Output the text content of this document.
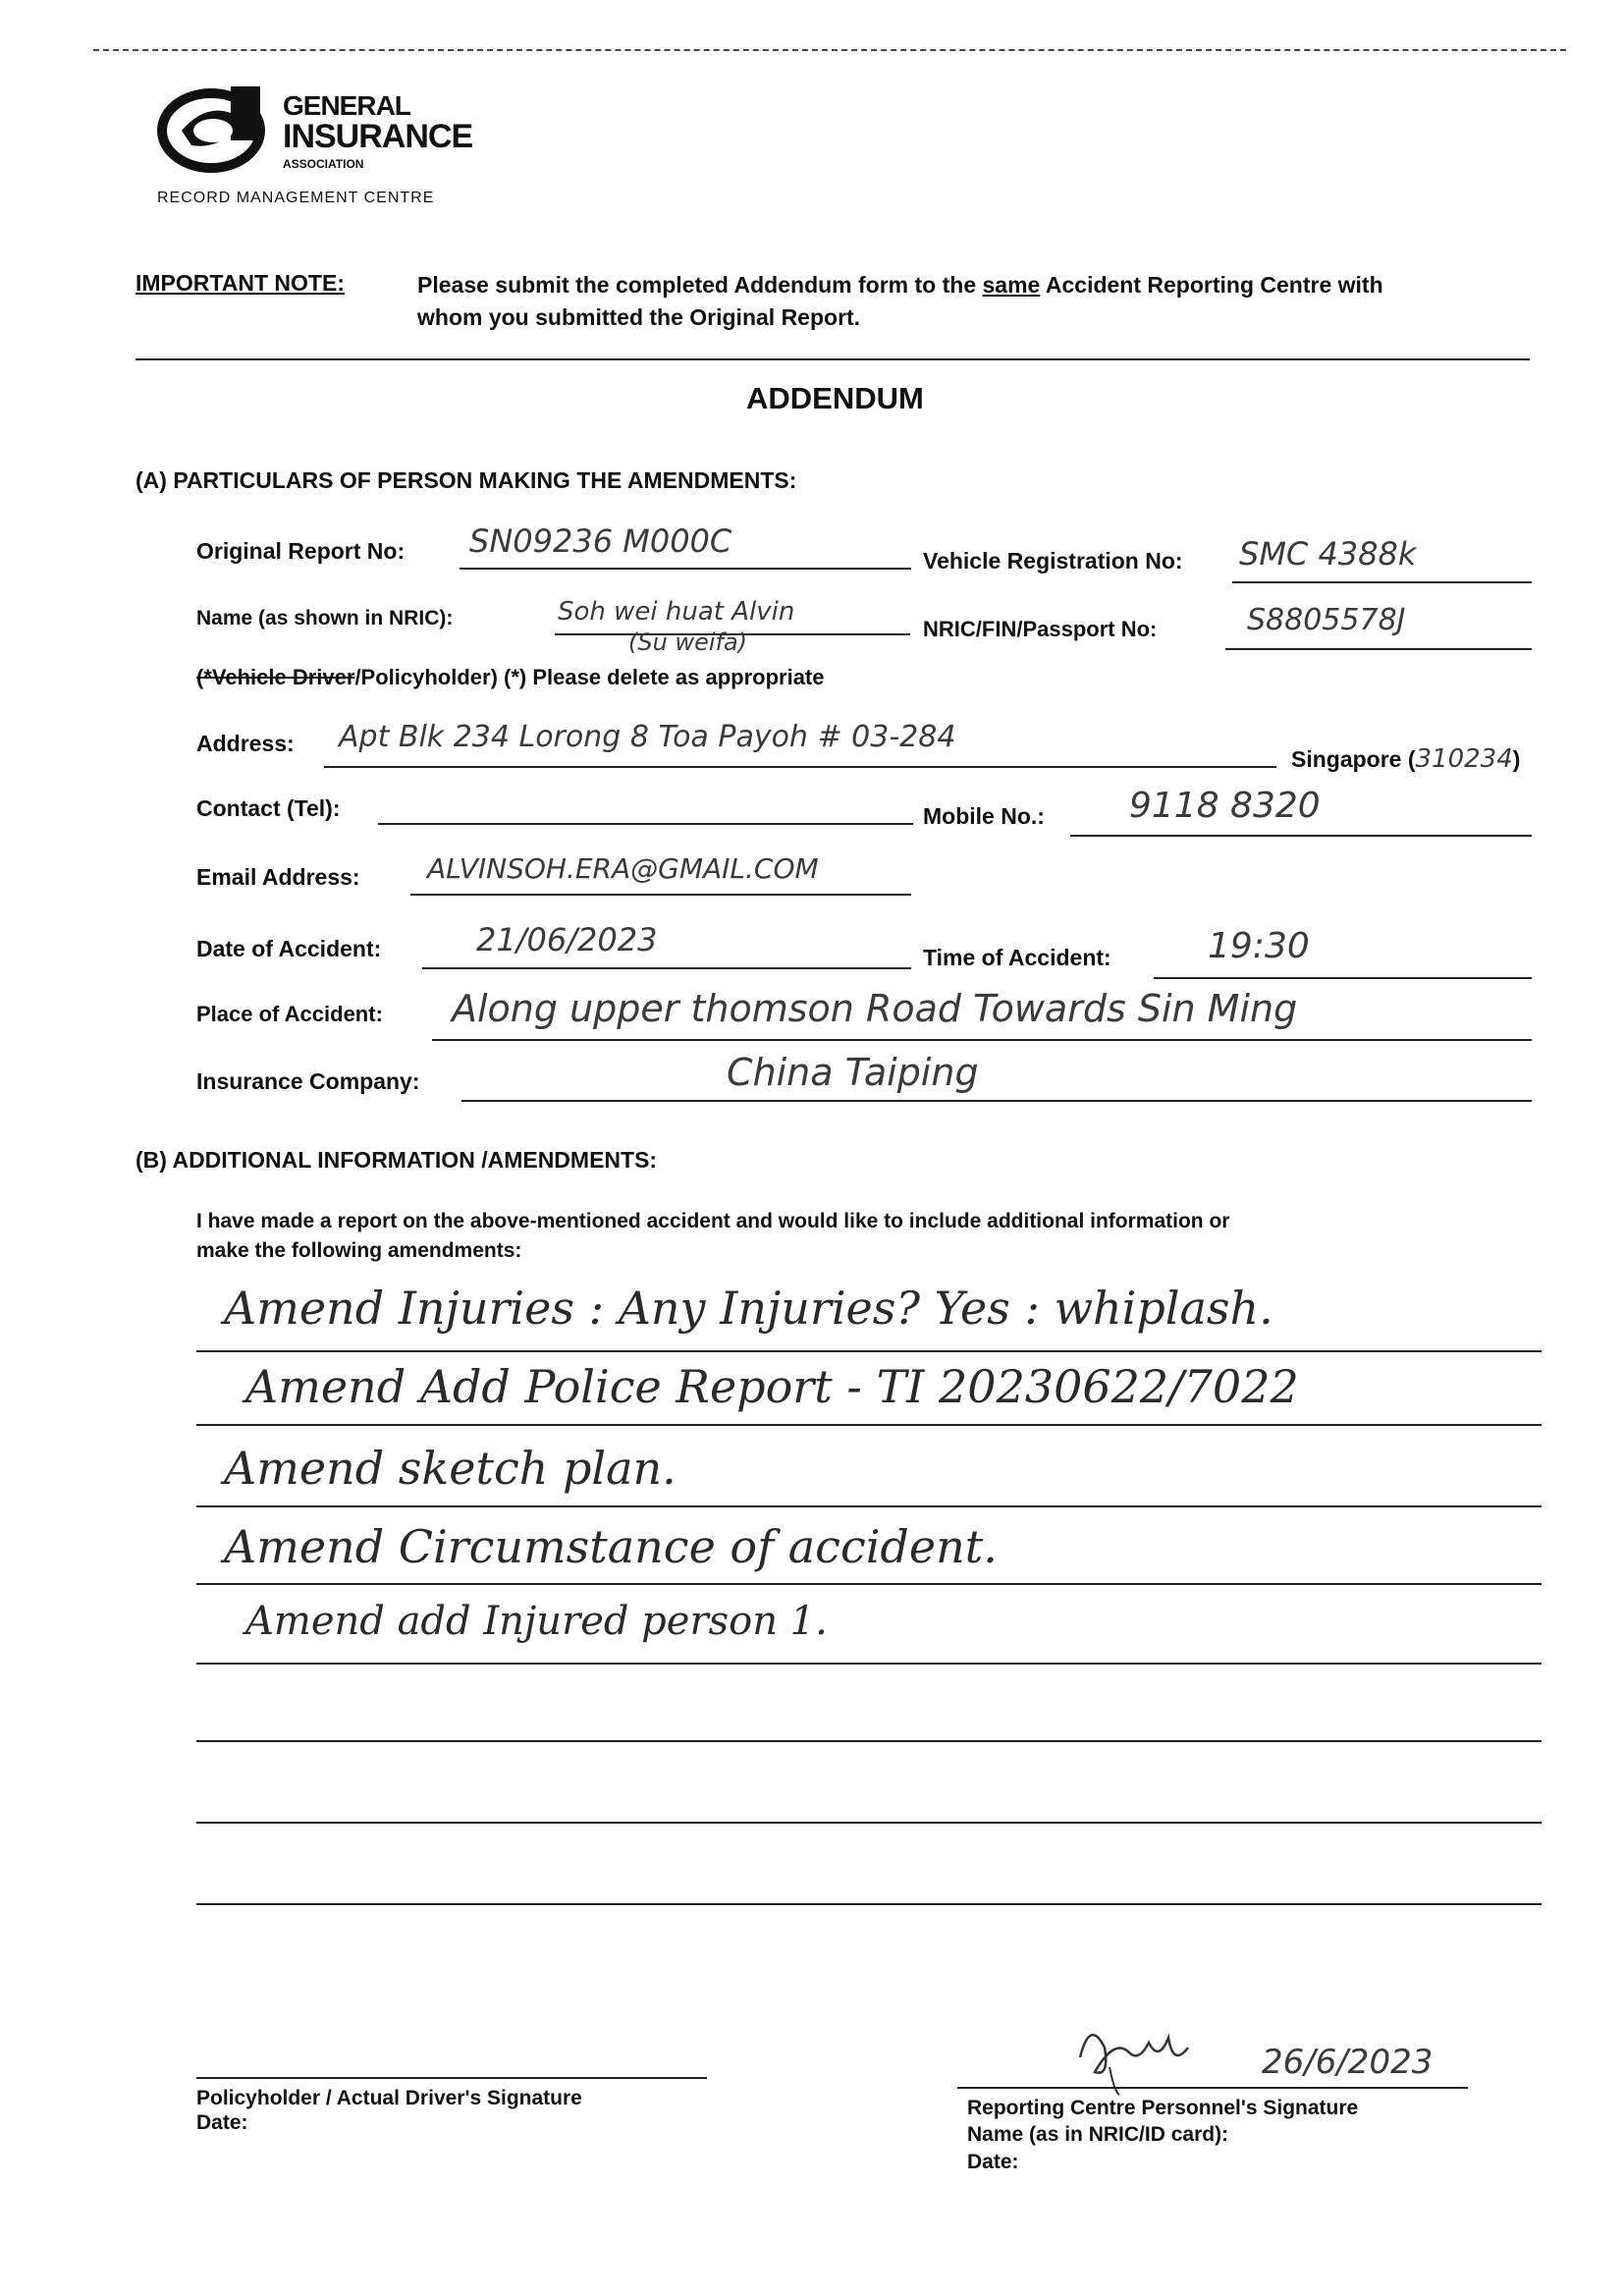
GENERAL
INSURANCE
ASSOCIATION
RECORD MANAGEMENT CENTRE
IMPORTANT NOTE:	Please submit the completed Addendum form to the same Accident Reporting Centre with
whom you submitted the Original Report.
ADDENDUM
(A) PARTICULARS OF PERSON MAKING THE AMENDMENTS:
Original Report No: SN09236 M000C
Vehicle Registration No: SMC 4388k
Name (as shown in NRIC):	Soh wei huat Alvin
(Su weifa)	NRIC/FIN/Passport No:	S8805578J
(*Vehicle Driver/Policyholder) (*) Please delete as appropriate
Address: Apt Blk 234 Lorong 8 Toa Payoh # 03-284
Singapore (310234)
Contact (Tel):	Mobile No.: 9118 8320
Email Address: ALVINSOH.ERA@GMAIL.COM
Date of Accident:	21/06/2023	Time of Accident:	19:30
Place of Accident: Along upper thomson Road Towards Sin Ming
Insurance Company:	China Taiping
(B) ADDITIONAL INFORMATION /AMENDMENTS:
I have made a report on the above-mentioned accident and would like to include additional information or
make the following amendments:
Amend Injuries : Any Injuries? Yes : whiplash.
Amend Add Police Report - TI 20230622/7022
Amend sketch plan.
Amend Circumstance of accident.
Amend add Injured person 1.
Policyholder / Actual Driver's Signature
Date:
26/6/2023
Reporting Centre Personnel's Signature
Name (as in NRIC/ID card):
Date:
